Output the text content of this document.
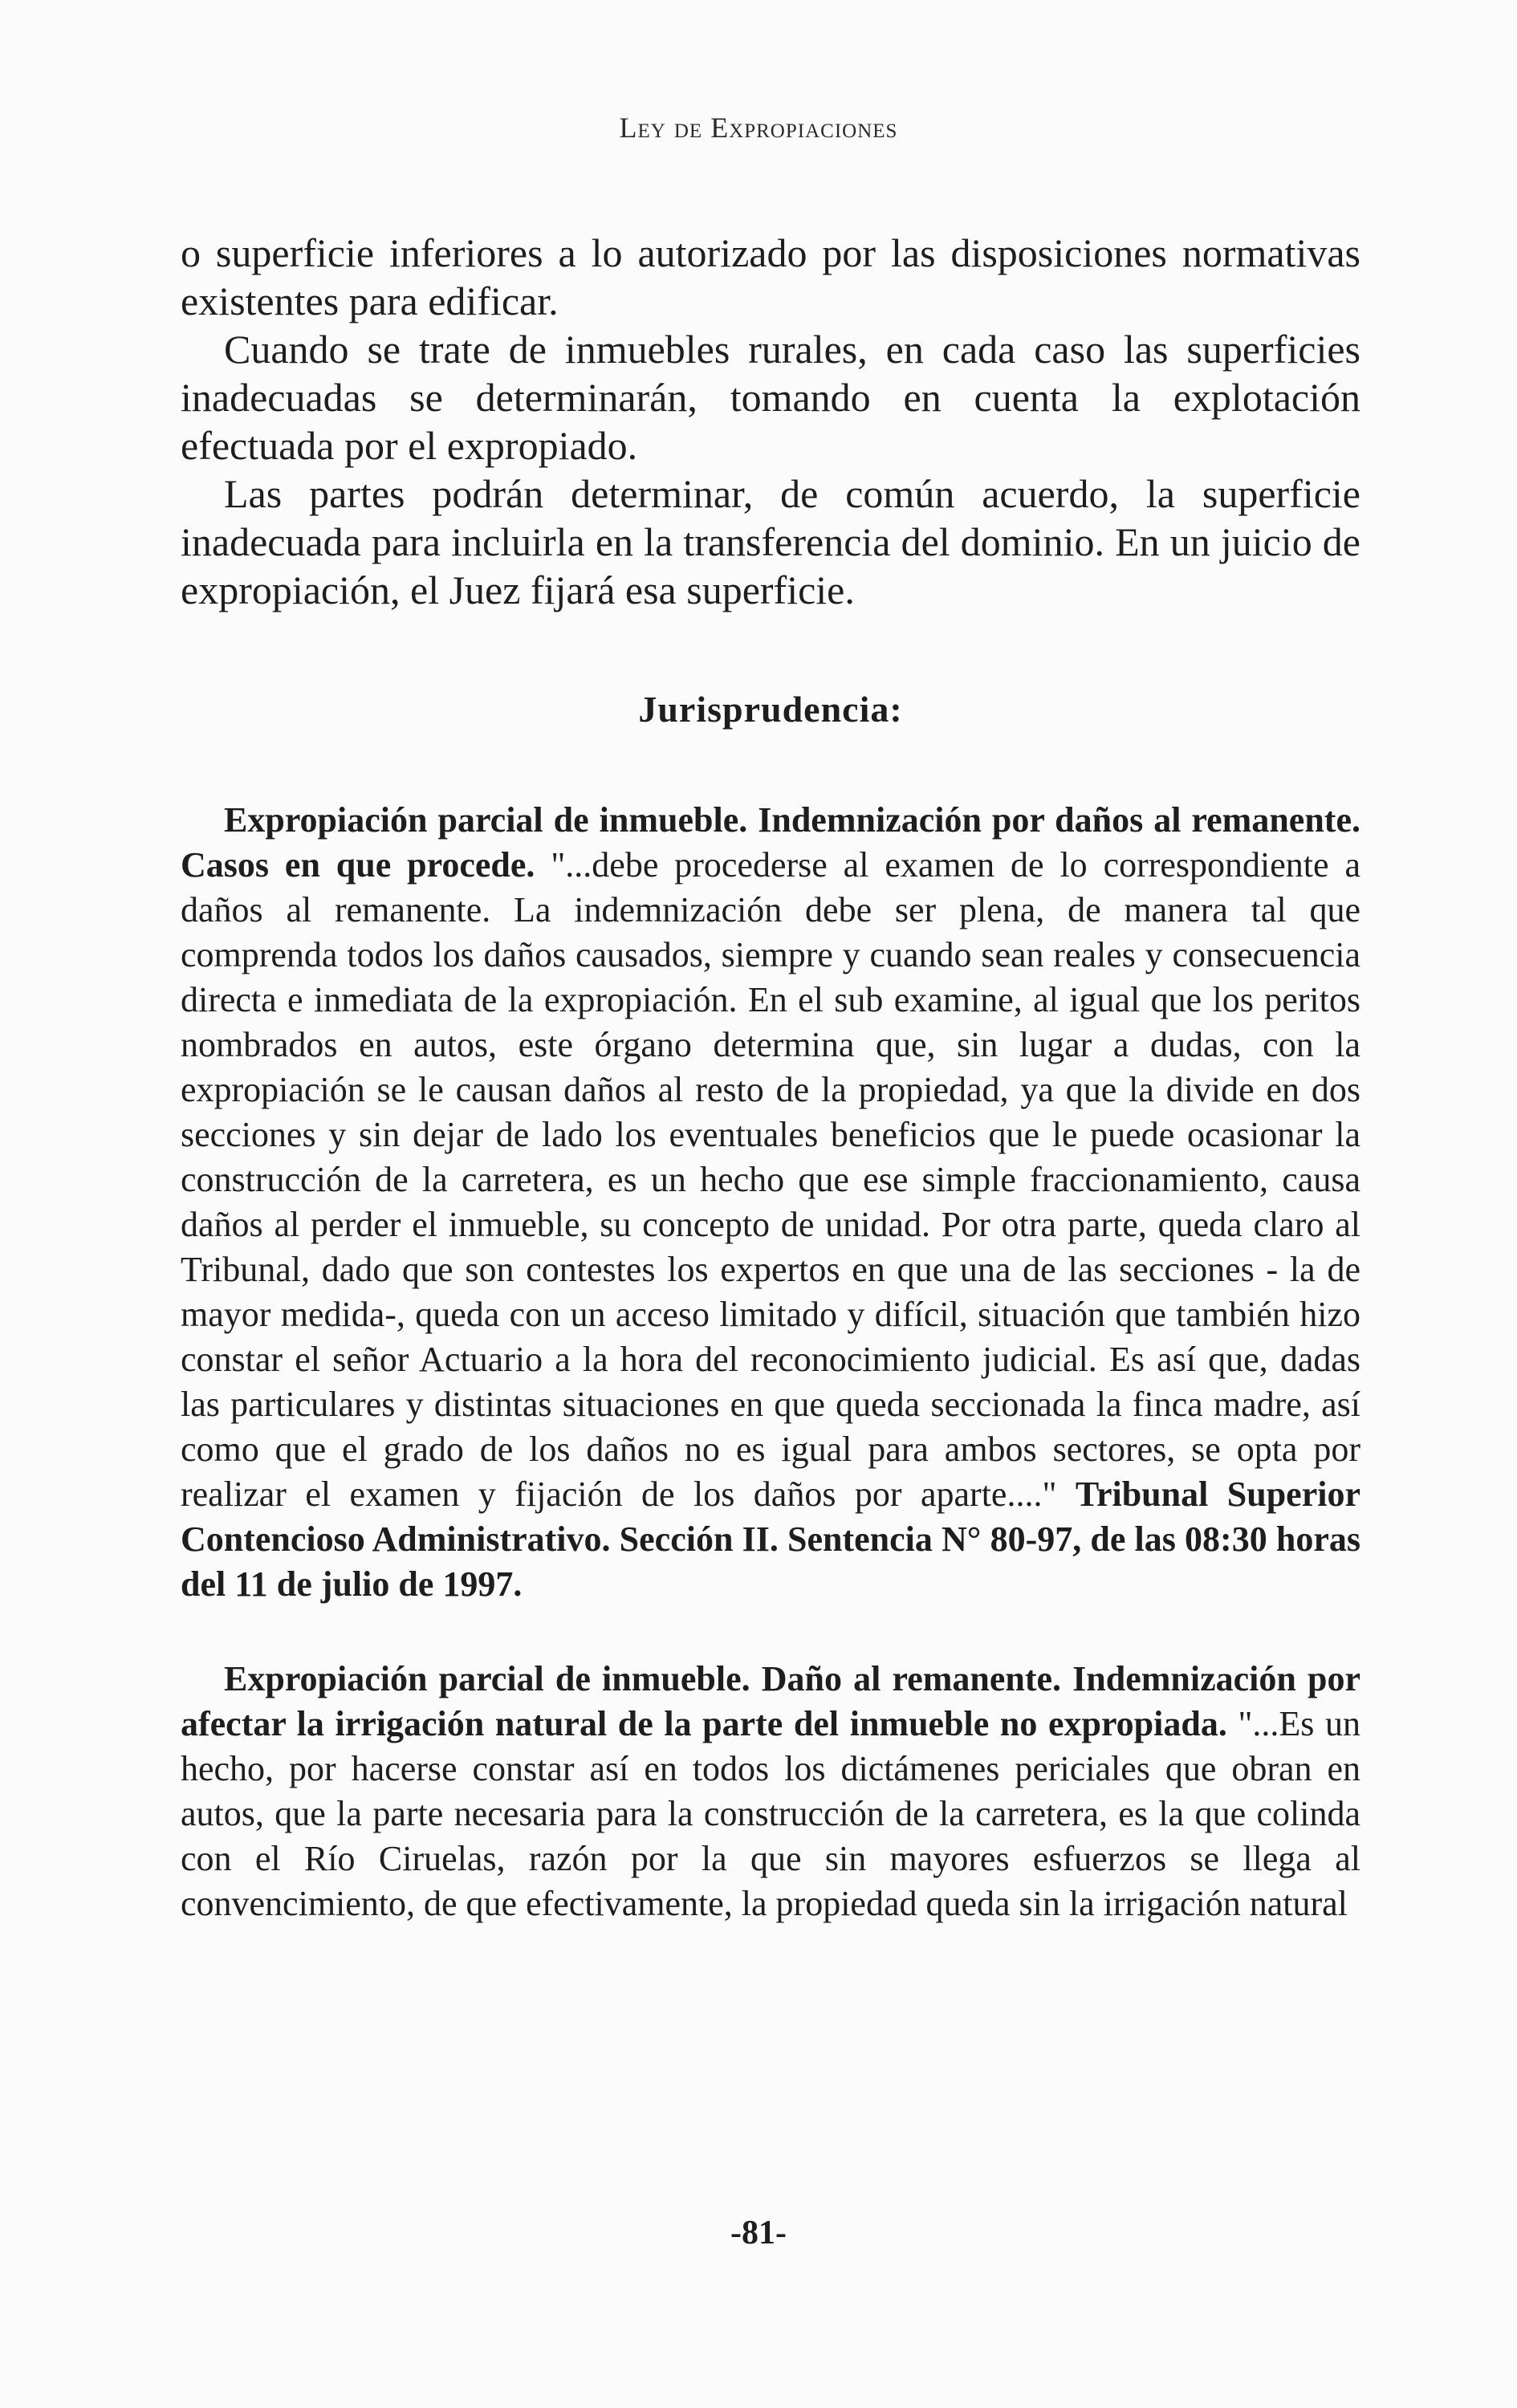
Ley de Expropiaciones

o superficie inferiores a lo autorizado por las disposiciones normativas existentes para edificar.

Cuando se trate de inmuebles rurales, en cada caso las superficies inadecuadas se determinarán, tomando en cuenta la explotación efectuada por el expropiado.

Las partes podrán determinar, de común acuerdo, la superficie inadecuada para incluirla en la transferencia del dominio. En un juicio de expropiación, el Juez fijará esa superficie.

Jurisprudencia:

Expropiación parcial de inmueble. Indemnización por daños al remanente. Casos en que procede. "...debe procederse al examen de lo correspondiente a daños al remanente. La indemnización debe ser plena, de manera tal que comprenda todos los daños causados, siempre y cuando sean reales y consecuencia directa e inmediata de la expropiación. En el sub examine, al igual que los peritos nombrados en autos, este órgano determina que, sin lugar a dudas, con la expropiación se le causan daños al resto de la propiedad, ya que la divide en dos secciones y sin dejar de lado los eventuales beneficios que le puede ocasionar la construcción de la carretera, es un hecho que ese simple fraccionamiento, causa daños al perder el inmueble, su concepto de unidad. Por otra parte, queda claro al Tribunal, dado que son contestes los expertos en que una de las secciones - la de mayor medida-, queda con un acceso limitado y difícil, situación que también hizo constar el señor Actuario a la hora del reconocimiento judicial. Es así que, dadas las particulares y distintas situaciones en que queda seccionada la finca madre, así como que el grado de los daños no es igual para ambos sectores, se opta por realizar el examen y fijación de los daños por aparte...." Tribunal Superior Contencioso Administrativo. Sección II. Sentencia N° 80-97, de las 08:30 horas del 11 de julio de 1997.

Expropiación parcial de inmueble. Daño al remanente. Indemnización por afectar la irrigación natural de la parte del inmueble no expropiada. "...Es un hecho, por hacerse constar así en todos los dictámenes periciales que obran en autos, que la parte necesaria para la construcción de la carretera, es la que colinda con el Río Ciruelas, razón por la que sin mayores esfuerzos se llega al convencimiento, de que efectivamente, la propiedad queda sin la irrigación natural

-81-
